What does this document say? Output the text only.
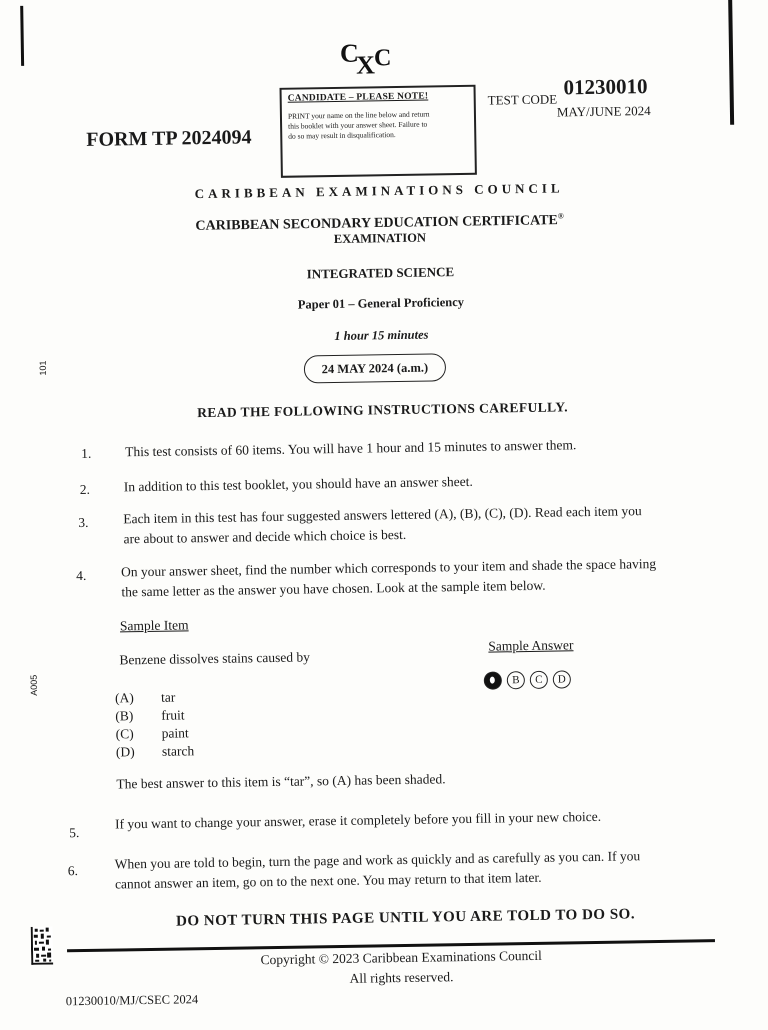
C
X
C
FORM TP 2024094
CANDIDATE – PLEASE NOTE!
PRINT your name on the line below and return
this booklet with your answer sheet. Failure to
do so may result in disqualification.
TEST CODE
01230010
MAY/JUNE 2024
CARIBBEAN EXAMINATIONS COUNCIL
CARIBBEAN SECONDARY EDUCATION CERTIFICATE®
EXAMINATION
INTEGRATED SCIENCE
Paper 01 – General Proficiency
1 hour 15 minutes
24 MAY 2024 (a.m.)
101
A005
READ THE FOLLOWING INSTRUCTIONS CAREFULLY.
1. This test consists of 60 items. You will have 1 hour and 15 minutes to answer them.
2. In addition to this test booklet, you should have an answer sheet.
3.	Each item in this test has four suggested answers lettered (A), (B), (C), (D). Read each item you
are about to answer and decide which choice is best.
4.	On your answer sheet, find the number which corresponds to your item and shade the space having
the same letter as the answer you have chosen. Look at the sample item below.
Sample Item
Benzene dissolves stains caused by
Sample Answer
B	C	D
(A)	tar
(B)	fruit
(C)	paint
(D)	starch
The best answer to this item is “tar”, so (A) has been shaded.
5.
If you want to change your answer, erase it completely before you fill in your new choice.
6.	When you are told to begin, turn the page and work as quickly and as carefully as you can. If you
cannot answer an item, go on to the next one. You may return to that item later.
DO NOT TURN THIS PAGE UNTIL YOU ARE TOLD TO DO SO.
Copyright © 2023 Caribbean Examinations Council
All rights reserved.
01230010/MJ/CSEC 2024
